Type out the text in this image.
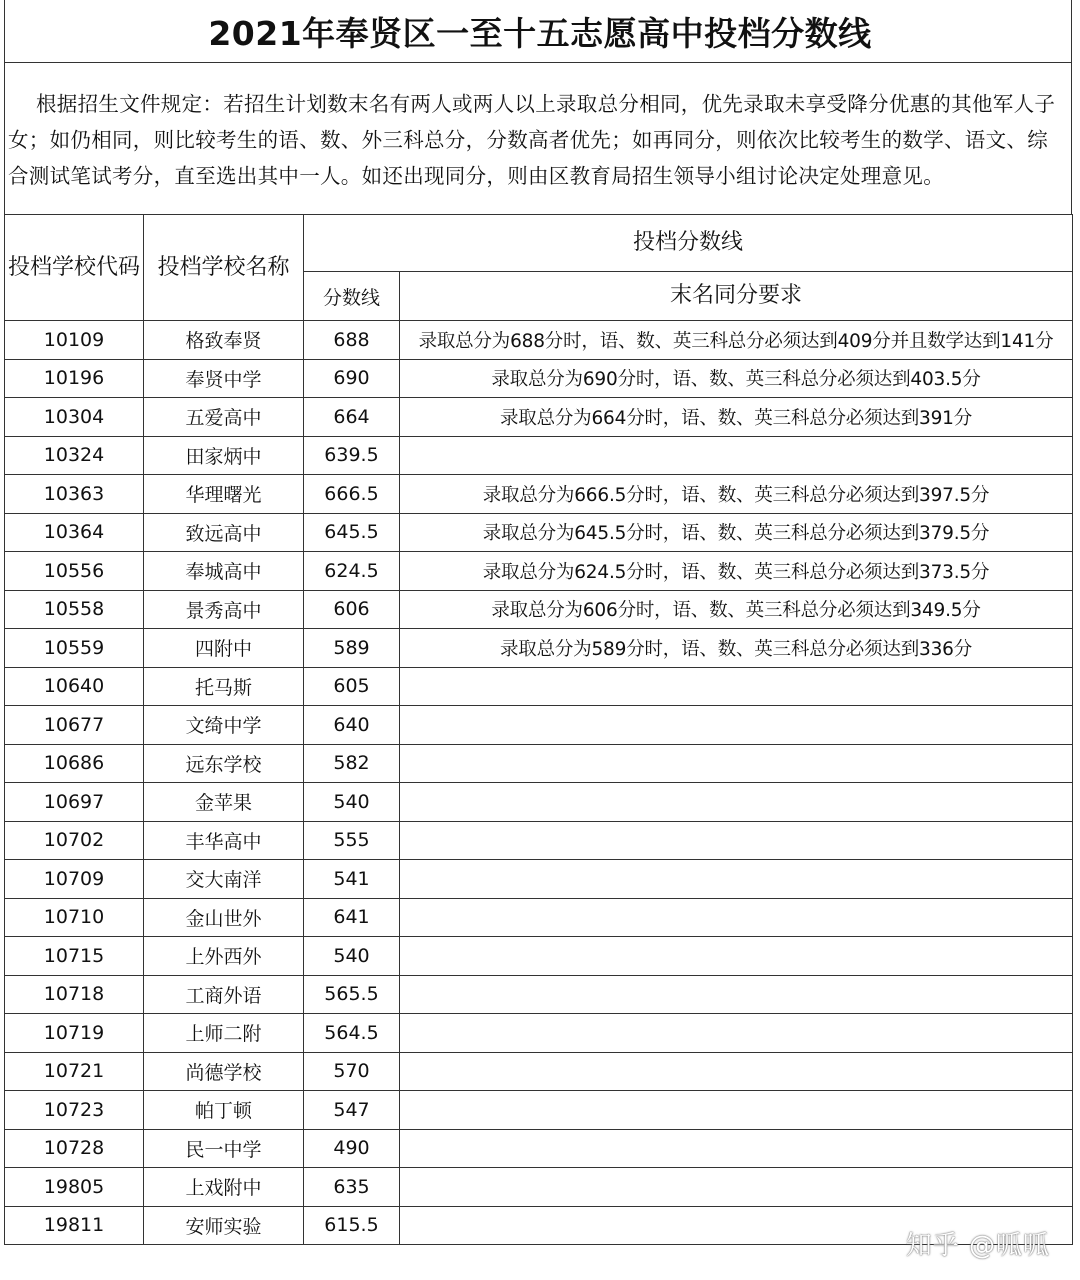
2021年奉贤区一至十五志愿高中投档分数线
根据招生文件规定：若招生计划数末名有两人或两人以上录取总分相同，优先录取未享受降分优惠的其他军人子女；如仍相同，则比较考生的语、数、外三科总分，分数高者优先；如再同分，则依次比较考生的数学、语文、综合测试笔试考分，直至选出其中一人。如还出现同分，则由区教育局招生领导小组讨论决定处理意见。
投档学校代码	投档学校名称	投档分数线	
		分数线	末名同分要求
10109	格致奉贤	688	录取总分为688分时，语、数、英三科总分必须达到409分并且数学达到141分
10196	奉贤中学	690	录取总分为690分时，语、数、英三科总分必须达到403.5分
10304	五爱高中	664	录取总分为664分时，语、数、英三科总分必须达到391分
10324	田家炳中	639.5	
10363	华理曙光	666.5	录取总分为666.5分时，语、数、英三科总分必须达到397.5分
10364	致远高中	645.5	录取总分为645.5分时，语、数、英三科总分必须达到379.5分
10556	奉城高中	624.5	录取总分为624.5分时，语、数、英三科总分必须达到373.5分
10558	景秀高中	606	录取总分为606分时，语、数、英三科总分必须达到349.5分
10559	四附中	589	录取总分为589分时，语、数、英三科总分必须达到336分
10640	托马斯	605	
10677	文绮中学	640	
10686	远东学校	582	
10697	金苹果	540	
10702	丰华高中	555	
10709	交大南洋	541	
10710	金山世外	641	
10715	上外西外	540	
10718	工商外语	565.5	
10719	上师二附	564.5	
10721	尚德学校	570	
10723	帕丁顿	547	
10728	民一中学	490	
19805	上戏附中	635	
19811	安师实验	615.5	
知乎 @呱呱
